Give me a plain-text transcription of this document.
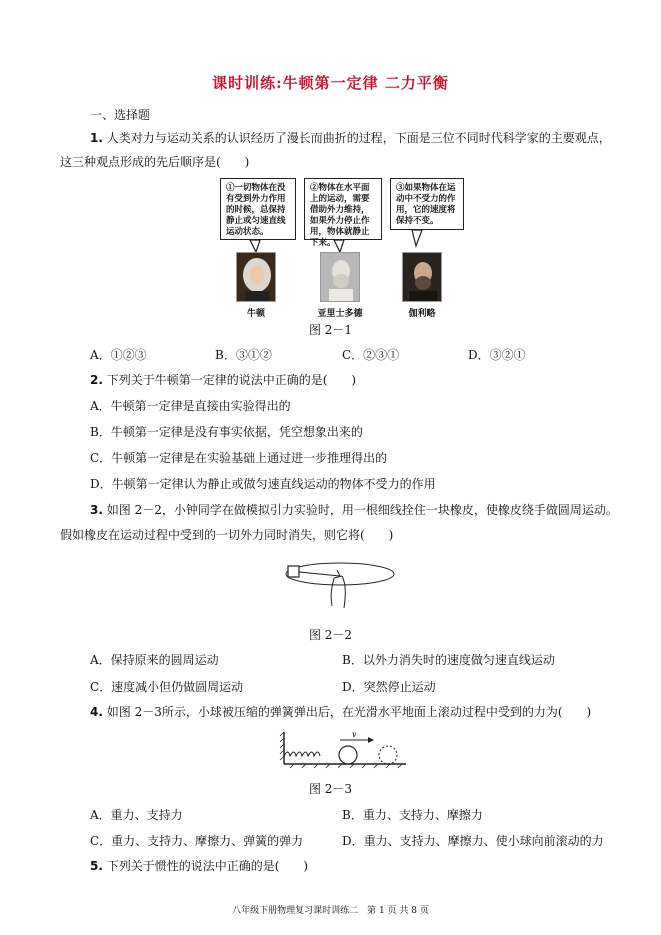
课时训练:牛顿第一定律 二力平衡
一、选择题
1. 人类对力与运动关系的认识经历了漫长而曲折的过程，下面是三位不同时代科学家的主要观点，
这三种观点形成的先后顺序是(　　)
①一切物体在没有受到外力作用的时候，总保持静止或匀速直线运动状态。
②物体在水平面上的运动，需要借助外力维持，如果外力停止作用，物体就静止下来。
③如果物体在运动中不受力的作用，它的速度将保持不变。
牛顿	亚里士多德	伽利略
图 2－1
A．①②③	B．③①②	C．②③①	D．③②①
2. 下列关于牛顿第一定律的说法中正确的是(　　)
A．牛顿第一定律是直接由实验得出的
B．牛顿第一定律是没有事实依据，凭空想象出来的
C．牛顿第一定律是在实验基础上通过进一步推理得出的
D．牛顿第一定律认为静止或做匀速直线运动的物体不受力的作用
3. 如图 2－2，小钟同学在做模拟引力实验时，用一根细线拴住一块橡皮，使橡皮绕手做圆周运动。
假如橡皮在运动过程中受到的一切外力同时消失，则它将(　　)
图 2－2
A．保持原来的圆周运动	B．以外力消失时的速度做匀速直线运动
C．速度减小但仍做圆周运动	D．突然停止运动
4. 如图 2－3所示，小球被压缩的弹簧弹出后，在光滑水平地面上滚动过程中受到的力为(　　)
v
图 2－3
A．重力、支持力	B．重力、支持力、摩擦力
C．重力、支持力、摩擦力、弹簧的弹力	D．重力、支持力、摩擦力、使小球向前滚动的力
5. 下列关于惯性的说法中正确的是(　　)
八年级下册物理复习课时训练二　第 1 页 共 8 页
